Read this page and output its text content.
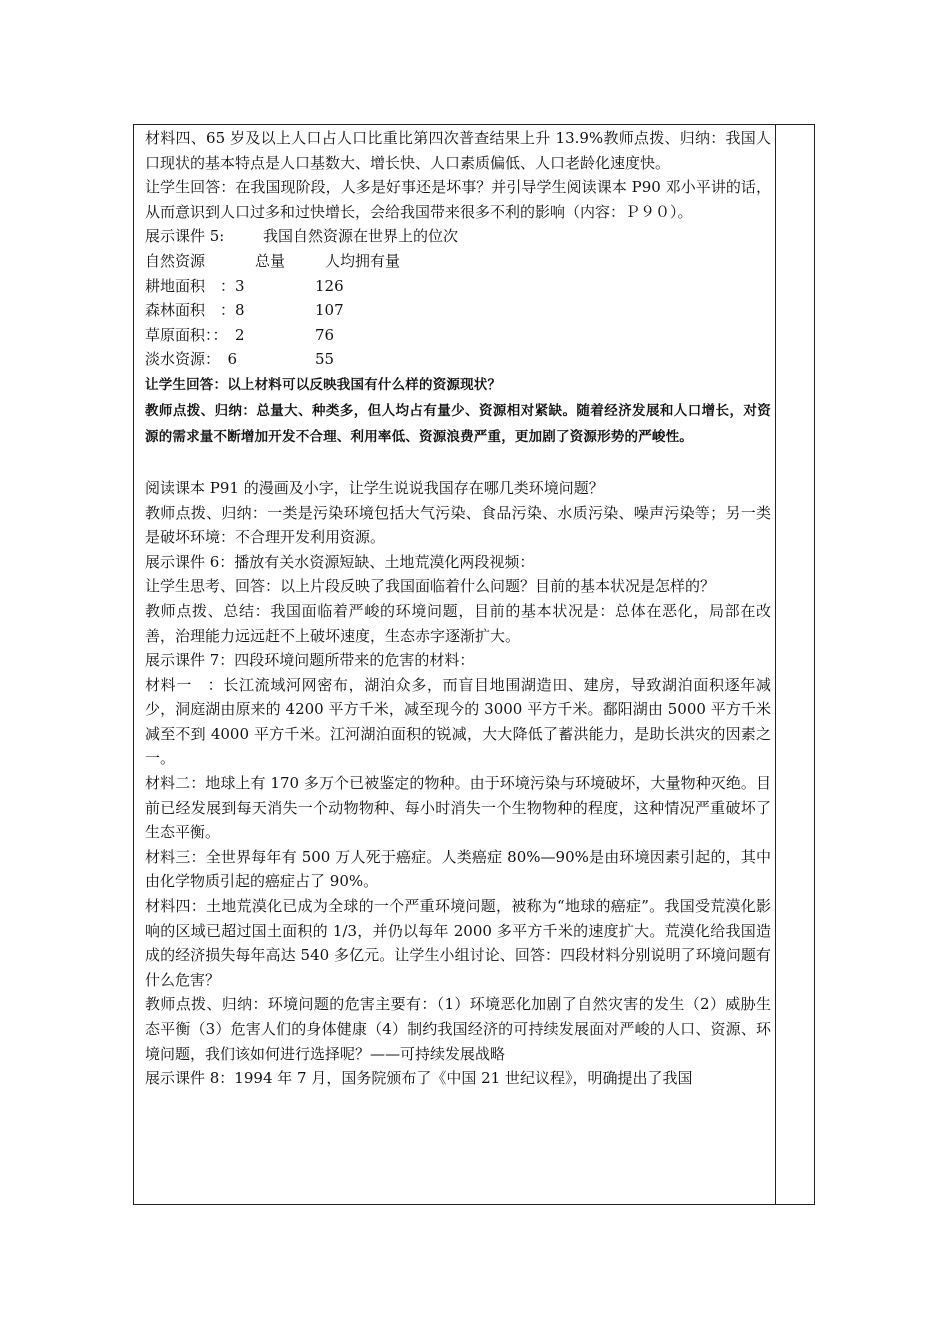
材料四、65 岁及以上人口占人口比重比第四次普查结果上升 13.9%教师点拨、归纳：我国人口现状的基本特点是人口基数大、增长快、人口素质偏低、人口老龄化速度快。

让学生回答：在我国现阶段，人多是好事还是坏事？并引导学生阅读课本 P90 邓小平讲的话，从而意识到人口过多和过快增长，会给我国带来很多不利的影响（内容：Ｐ９０）。

展示课件 5:	我国自然资源在世界上的位次
自然资源	总量	人均拥有量
耕地面积　：3	126
森林面积　：8	107
草原面积：：　2	76
淡水资源：　6	55

让学生回答：以上材料可以反映我国有什么样的资源现状？

教师点拨、归纳：总量大、种类多，但人均占有量少、资源相对紧缺。随着经济发展和人口增长，对资源的需求量不断增加开发不合理、利用率低、资源浪费严重，更加剧了资源形势的严峻性。

阅读课本 P91 的漫画及小字，让学生说说我国存在哪几类环境问题？

教师点拨、归纳：一类是污染环境包括大气污染、食品污染、水质污染、噪声污染等；另一类是破坏环境：不合理开发利用资源。

展示课件 6：播放有关水资源短缺、土地荒漠化两段视频：

让学生思考、回答：以上片段反映了我国面临着什么问题？目前的基本状况是怎样的？

教师点拨、总结：我国面临着严峻的环境问题，目前的基本状况是：总体在恶化，局部在改善，治理能力远远赶不上破坏速度，生态赤字逐渐扩大。

展示课件 7：四段环境问题所带来的危害的材料：

材料一　：长江流域河网密布，湖泊众多，而盲目地围湖造田、建房，导致湖泊面积逐年减少，洞庭湖由原来的 4200 平方千米，减至现今的 3000 平方千米。鄱阳湖由 5000 平方千米减至不到 4000 平方千米。江河湖泊面积的锐减，大大降低了蓄洪能力，是助长洪灾的因素之一。

材料二：地球上有 170 多万个已被鉴定的物种。由于环境污染与环境破坏，大量物种灭绝。目前已经发展到每天消失一个动物物种、每小时消失一个生物物种的程度，这种情况严重破坏了生态平衡。

材料三：全世界每年有 500 万人死于癌症。人类癌症 80%—90%是由环境因素引起的，其中由化学物质引起的癌症占了 90%。

材料四：土地荒漠化已成为全球的一个严重环境问题，被称为“地球的癌症”。我国受荒漠化影响的区域已超过国土面积的 1/3，并仍以每年 2000 多平方千米的速度扩大。荒漠化给我国造成的经济损失每年高达 540 多亿元。让学生小组讨论、回答：四段材料分别说明了环境问题有什么危害？

教师点拨、归纳：环境问题的危害主要有：（1）环境恶化加剧了自然灾害的发生（2）威胁生态平衡（3）危害人们的身体健康（4）制约我国经济的可持续发展面对严峻的人口、资源、环境问题，我们该如何进行选择呢？——可持续发展战略

展示课件 8：1994 年 7 月，国务院颁布了《中国 21 世纪议程》，明确提出了我国
